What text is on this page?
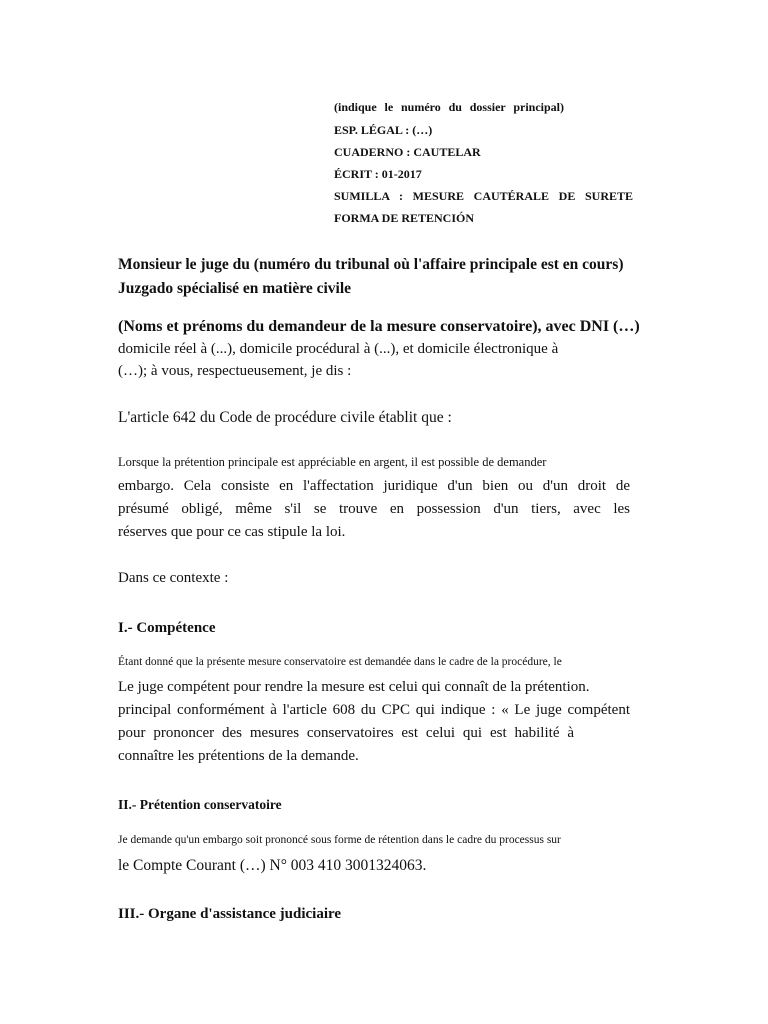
(indique le numéro du dossier principal)
ESP. LÉGAL : (…)
CUADERNO : CAUTELAR
ÉCRIT : 01-2017
SUMILLA : MESURE CAUTÉRALE DE SURETE
FORMA DE RETENCIÓN
Monsieur le juge du (numéro du tribunal où l'affaire principale est en cours)
Juzgado spécialisé en matière civile
(Noms et prénoms du demandeur de la mesure conservatoire), avec DNI (…)
domicile réel à (...), domicile procédural à (...), et domicile électronique à
(…); à vous, respectueusement, je dis :
L'article 642 du Code de procédure civile établit que :
Lorsque la prétention principale est appréciable en argent, il est possible de demander
embargo. Cela consiste en l'affectation juridique d'un bien ou d'un droit de
présumé obligé, même s'il se trouve en possession d'un tiers, avec les
réserves que pour ce cas stipule la loi.
Dans ce contexte :
I.- Compétence
Étant donné que la présente mesure conservatoire est demandée dans le cadre de la procédure, le
Le juge compétent pour rendre la mesure est celui qui connaît de la prétention.
principal conformément à l'article 608 du CPC qui indique : « Le juge compétent
pour prononcer des mesures conservatoires est celui qui est habilité à
connaître les prétentions de la demande.
II.- Prétention conservatoire
Je demande qu'un embargo soit prononcé sous forme de rétention dans le cadre du processus sur
le Compte Courant (…) N° 003 410 3001324063.
III.- Organe d'assistance judiciaire
